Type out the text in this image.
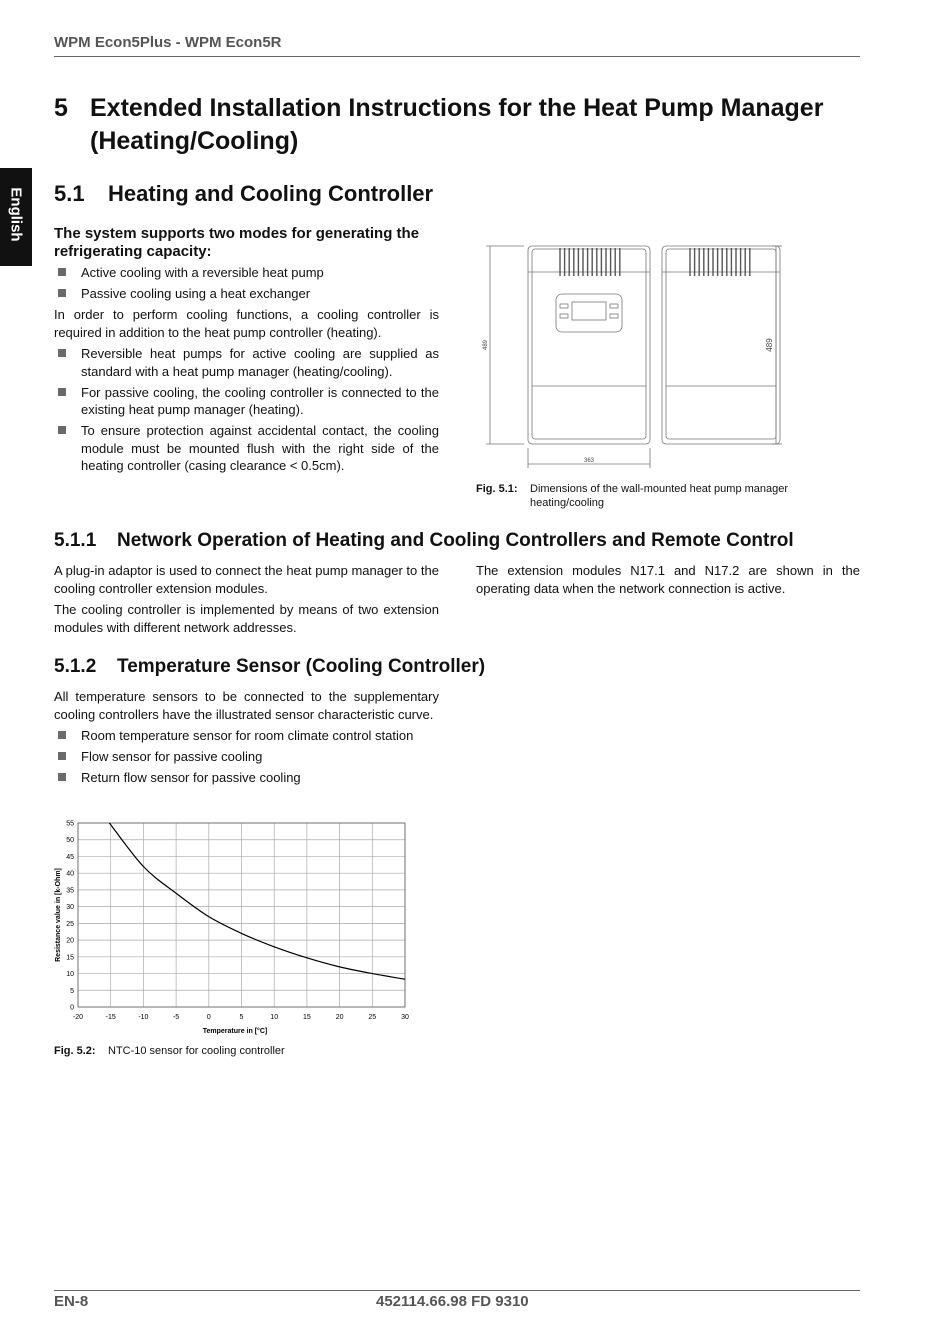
WPM Econ5Plus - WPM Econ5R
English
5 Extended Installation Instructions for the Heat Pump Manager (Heating/Cooling)
5.1 Heating and Cooling Controller
The system supports two modes for generating the refrigerating capacity:
Active cooling with a reversible heat pump
Passive cooling using a heat exchanger
In order to perform cooling functions, a cooling controller is required in addition to the heat pump controller (heating).
Reversible heat pumps for active cooling are supplied as standard with a heat pump manager (heating/cooling).
For passive cooling, the cooling controller is connected to the existing heat pump manager (heating).
To ensure protection against accidental contact, the cooling module must be mounted flush with the right side of the heating controller (casing clearance < 0.5cm).
489	489
363
Fig. 5.1: Dimensions of the wall-mounted heat pump manager heating/cooling
5.1.1 Network Operation of Heating and Cooling Controllers and Remote Control
A plug-in adaptor is used to connect the heat pump manager to the cooling controller extension modules.
The cooling controller is implemented by means of two extension modules with different network addresses.
The extension modules N17.1 and N17.2 are shown in the operating data when the network connection is active.
5.1.2 Temperature Sensor (Cooling Controller)
All temperature sensors to be connected to the supplementary cooling controllers have the illustrated sensor characteristic curve.
Room temperature sensor for room climate control station
Flow sensor for passive cooling
Return flow sensor for passive cooling
-20	-15	-10	-5	0	5	10	15	20	25	30
0
5
10
15
20
25
30
35
40
45
50
55
Temperature in [°C]
Resistance value in [k-Ohm]
Fig. 5.2: NTC-10 sensor for cooling controller
EN-8	452114.66.98 FD 9310
